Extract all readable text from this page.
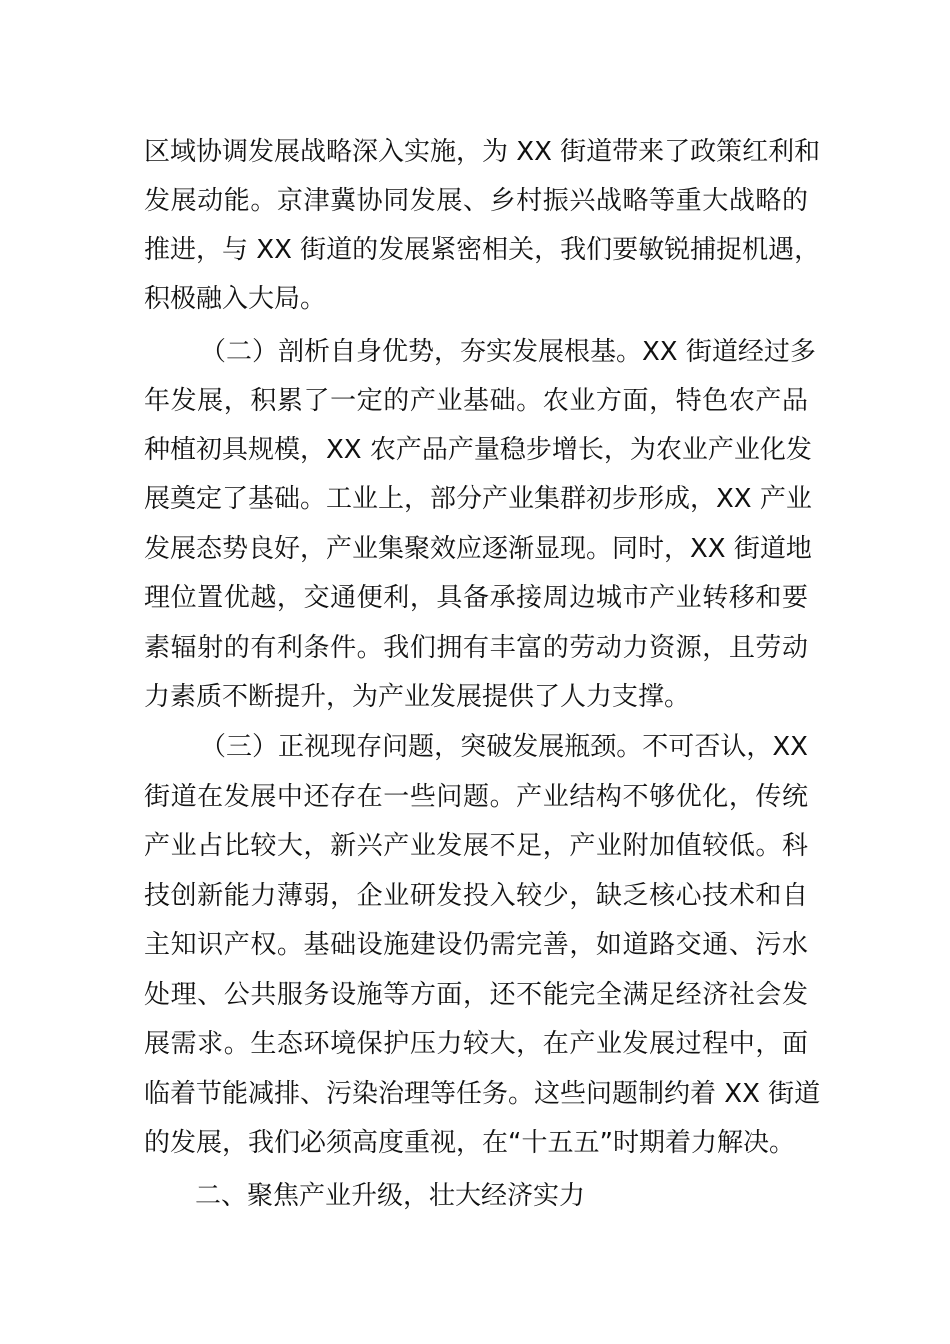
区域协调发展战略深入实施，为 XX 街道带来了政策红利和
发展动能。京津冀协同发展、乡村振兴战略等重大战略的
推进，与 XX 街道的发展紧密相关，我们要敏锐捕捉机遇，
积极融入大局。
（二）剖析自身优势，夯实发展根基。XX 街道经过多
年发展，积累了一定的产业基础。农业方面，特色农产品
种植初具规模，XX 农产品产量稳步增长，为农业产业化发
展奠定了基础。工业上，部分产业集群初步形成，XX 产业
发展态势良好，产业集聚效应逐渐显现。同时，XX 街道地
理位置优越，交通便利，具备承接周边城市产业转移和要
素辐射的有利条件。我们拥有丰富的劳动力资源，且劳动
力素质不断提升，为产业发展提供了人力支撑。
（三）正视现存问题，突破发展瓶颈。不可否认，XX
街道在发展中还存在一些问题。产业结构不够优化，传统
产业占比较大，新兴产业发展不足，产业附加值较低。科
技创新能力薄弱，企业研发投入较少，缺乏核心技术和自
主知识产权。基础设施建设仍需完善，如道路交通、污水
处理、公共服务设施等方面，还不能完全满足经济社会发
展需求。生态环境保护压力较大，在产业发展过程中，面
临着节能减排、污染治理等任务。这些问题制约着 XX 街道
的发展，我们必须高度重视，在“十五五”时期着力解决。
二、聚焦产业升级，壮大经济实力
